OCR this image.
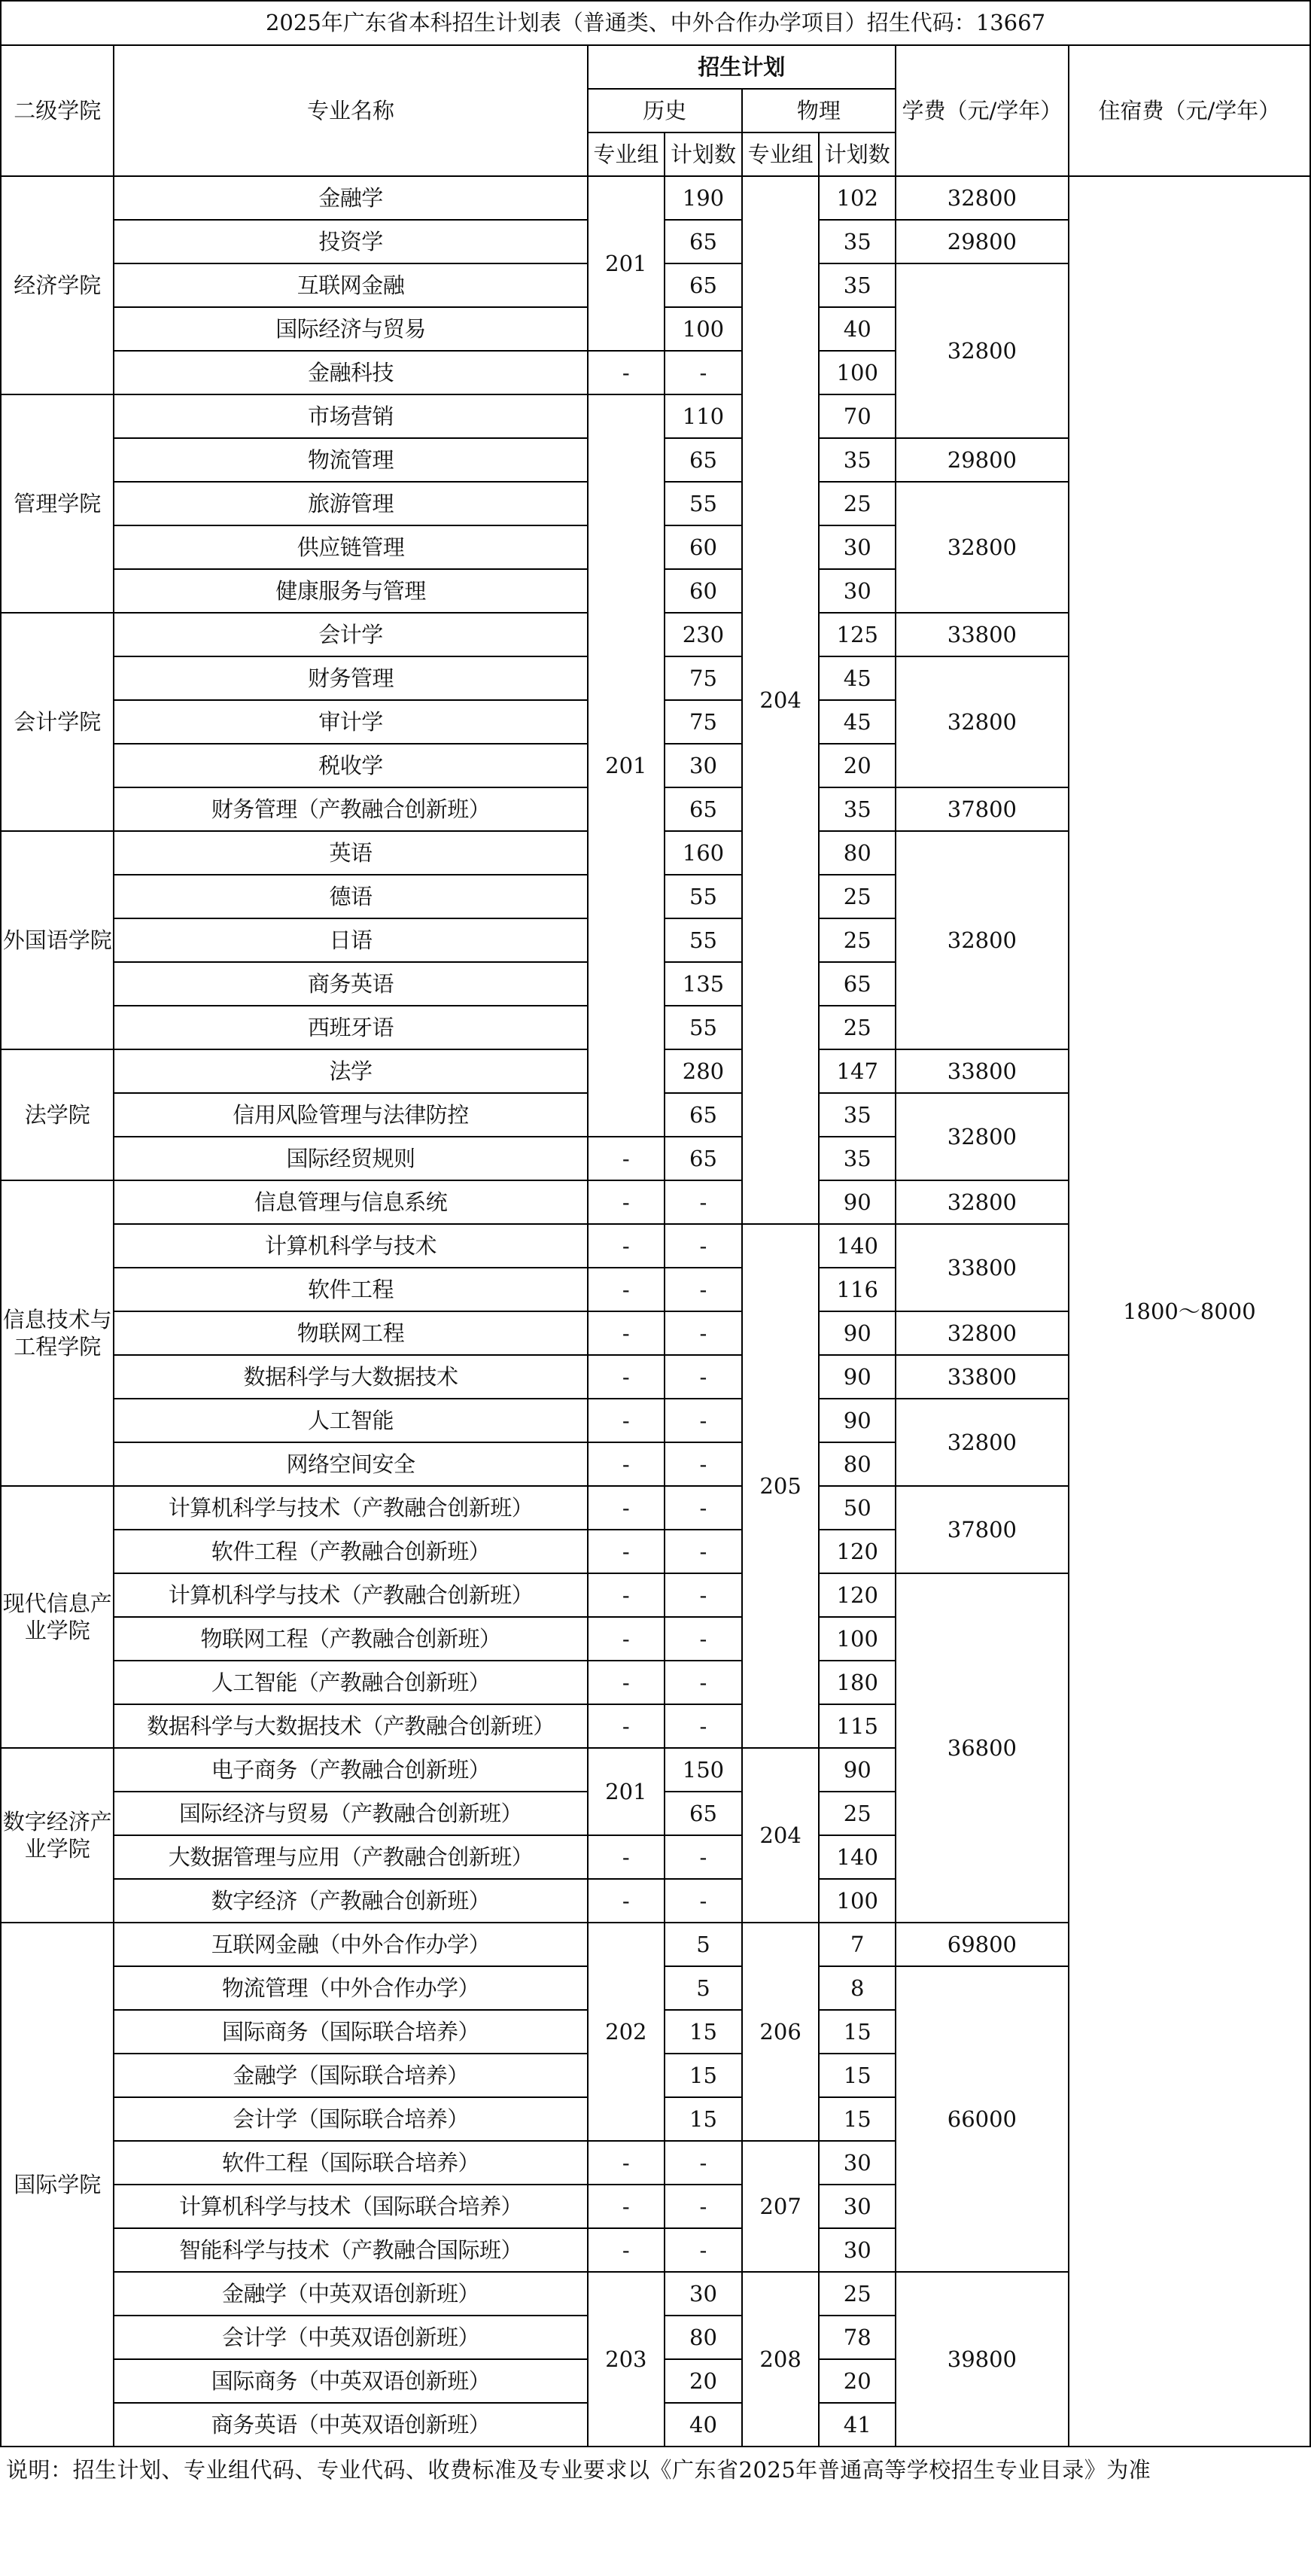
2025年广东省本科招生计划表（普通类、中外合作办学项目）招生代码：13667							
二级学院	专业名称	招生计划				学费（元/学年）	住宿费（元/学年）
		历史		物理			
		专业组	计划数	专业组	计划数		
经济学院	金融学	201	190	204	102	32800	1800～8000
	投资学		65		35	29800	
	互联网金融		65		35	32800	
	国际经济与贸易		100		40		
	金融科技	-	-		100		
管理学院	市场营销	201	110		70		
	物流管理		65		35	29800	
	旅游管理		55		25	32800	
	供应链管理		60		30		
	健康服务与管理		60		30		
会计学院	会计学		230		125	33800	
	财务管理		75		45	32800	
	审计学		75		45		
	税收学		30		20		
	财务管理（产教融合创新班）		65		35	37800	
外国语学院	英语		160		80	32800	
	德语		55		25		
	日语		55		25		
	商务英语		135		65		
	西班牙语		55		25		
法学院	法学		280		147	33800	
	信用风险管理与法律防控		65		35	32800	
	国际经贸规则	-	65		35		
信息技术与工程学院	信息管理与信息系统	-	-		90	32800	
	计算机科学与技术	-	-	205	140	33800	
	软件工程	-	-		116		
	物联网工程	-	-		90	32800	
	数据科学与大数据技术	-	-		90	33800	
	人工智能	-	-		90	32800	
	网络空间安全	-	-		80		
现代信息产业学院	计算机科学与技术（产教融合创新班）	-	-		50	37800	
	软件工程（产教融合创新班）	-	-		120		
	计算机科学与技术（产教融合创新班）	-	-		120	36800	
	物联网工程（产教融合创新班）	-	-		100		
	人工智能（产教融合创新班）	-	-		180		
	数据科学与大数据技术（产教融合创新班）	-	-		115		
数字经济产业学院	电子商务（产教融合创新班）	201	150	204	90		
	国际经济与贸易（产教融合创新班）		65		25		
	大数据管理与应用（产教融合创新班）	-	-		140		
	数字经济（产教融合创新班）	-	-		100		
国际学院	互联网金融（中外合作办学）	202	5	206	7	69800	
	物流管理（中外合作办学）		5		8	66000	
	国际商务（国际联合培养）		15		15		
	金融学（国际联合培养）		15		15		
	会计学（国际联合培养）		15		15		
	软件工程（国际联合培养）	-	-	207	30		
	计算机科学与技术（国际联合培养）	-	-		30		
	智能科学与技术（产教融合国际班）	-	-		30		
	金融学（中英双语创新班）	203	30	208	25	39800	
	会计学（中英双语创新班）		80		78		
	国际商务（中英双语创新班）		20		20		
	商务英语（中英双语创新班）		40		41		
说明：招生计划、专业组代码、专业代码、收费标准及专业要求以《广东省2025年普通高等学校招生专业目录》为准
